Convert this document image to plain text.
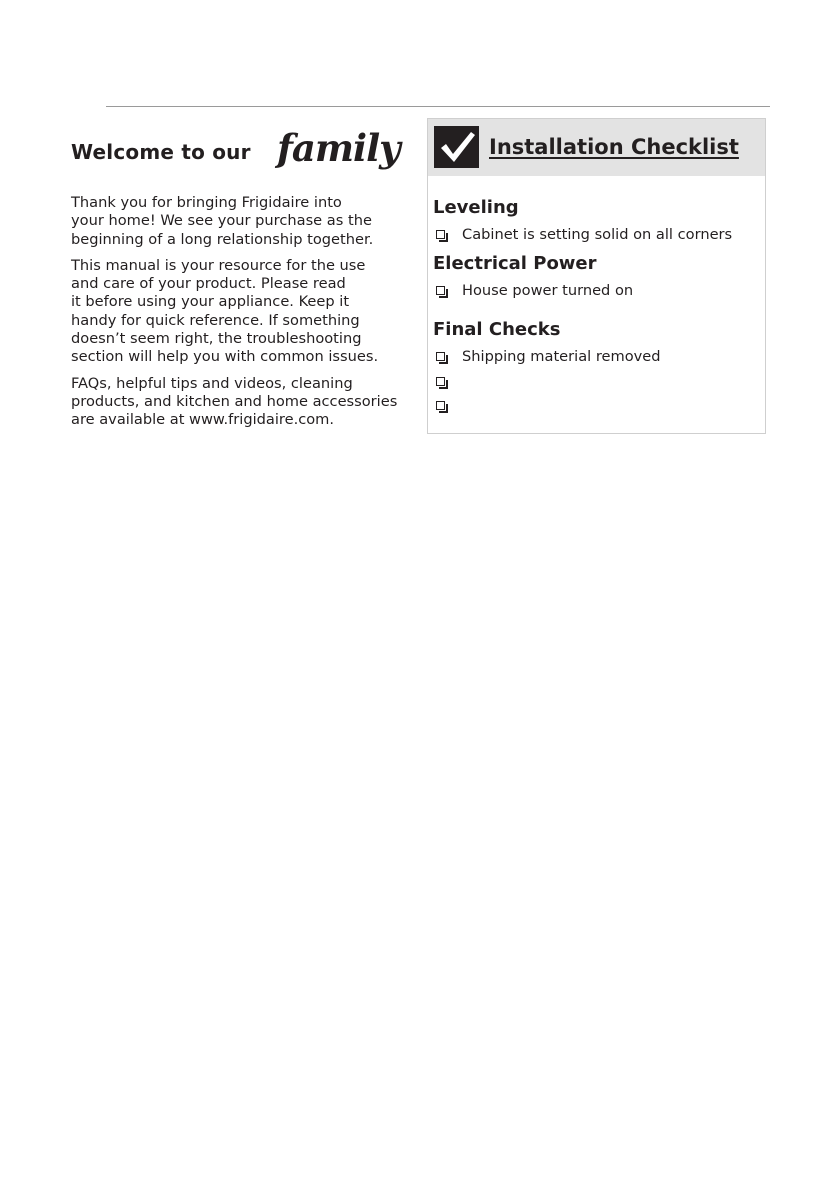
Welcome to our family

Thank you for bringing Frigidaire into
your home! We see your purchase as the
beginning of a long relationship together.

This manual is your resource for the use
and care of your product. Please read
it before using your appliance. Keep it
handy for quick reference. If something
doesn’t seem right, the troubleshooting
section will help you with common issues.

FAQs, helpful tips and videos, cleaning
products, and kitchen and home accessories
are available at www.frigidaire.com.

Installation Checklist
Leveling
Cabinet is setting solid on all corners
Electrical Power
House power turned on
Final Checks
Shipping material removed
